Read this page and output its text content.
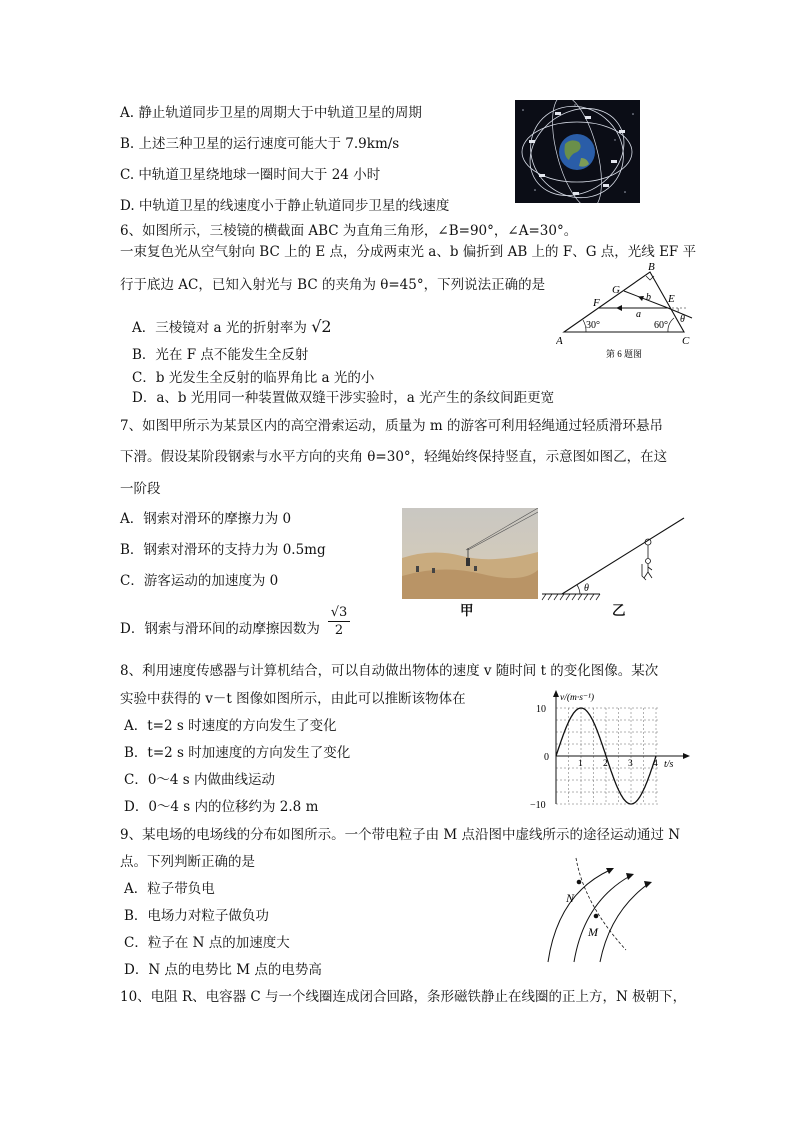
A. 静止轨道同步卫星的周期大于中轨道卫星的周期
B. 上述三种卫星的运行速度可能大于 7.9km/s
C. 中轨道卫星绕地球一圈时间大于 24 小时
D. 中轨道卫星的线速度小于静止轨道同步卫星的线速度
6、如图所示，三棱镜的横截面 ABC 为直角三角形，∠B=90°，∠A=30°。
一束复色光从空气射向 BC 上的 E 点，分成两束光 a、b 偏折到 AB 上的 F、G 点，光线 EF 平
行于底边 AC，已知入射光与 BC 的夹角为 θ=45°，下列说法正确的是
A．三棱镜对 a 光的折射率为 √2
B．光在 F 点不能发生全反射
C．b 光发生全反射的临界角比 a 光的小
D．a、b 光用同一种装置做双缝干涉实验时，a 光产生的条纹间距更宽
B
A	C
E
F
G
a
b
θ
30°	60°
第 6 题图
7、如图甲所示为某景区内的高空滑索运动，质量为 m 的游客可利用轻绳通过轻质滑环悬吊
下滑。假设某阶段钢索与水平方向的夹角 θ=30°，轻绳始终保持竖直，示意图如图乙，在这
一阶段
A．钢索对滑环的摩擦力为 0
B．钢索对滑环的支持力为 0.5mg
C．游客运动的加速度为 0
D．钢索与滑环间的动摩擦因数为 $\frac{√3}{2}$	甲
θ
乙
8、利用速度传感器与计算机结合，可以自动做出物体的速度 v 随时间 t 的变化图像。某次
实验中获得的 v－t 图像如图所示，由此可以推断该物体在
A．t=2 s 时速度的方向发生了变化
B．t=2 s 时加速度的方向发生了变化
C．0～4 s 内做曲线运动
D．0～4 s 内的位移约为 2.8 m
v/(m·s⁻¹)
t/s
10
0
−10
1 2 3 4
9、某电场的电场线的分布如图所示。一个带电粒子由 M 点沿图中虚线所示的途径运动通过 N
点。下列判断正确的是
A．粒子带负电
B．电场力对粒子做负功
C．粒子在 N 点的加速度大
D．N 点的电势比 M 点的电势高
N
M
10、电阻 R、电容器 C 与一个线圈连成闭合回路，条形磁铁静止在线圈的正上方，N 极朝下，
